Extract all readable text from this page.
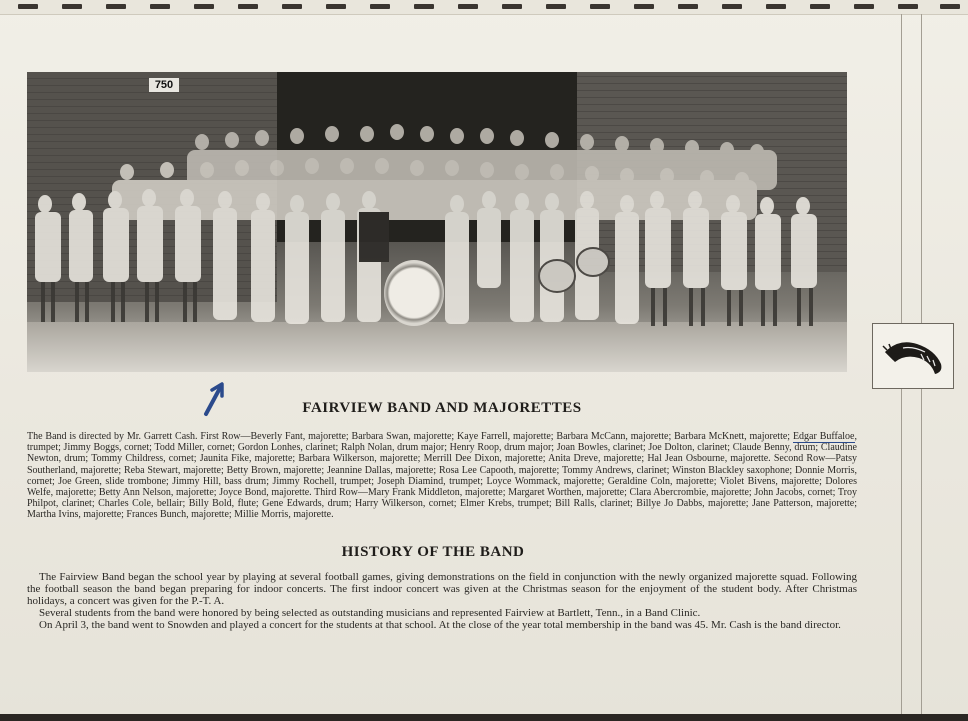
750
FAIRVIEW BAND AND MAJORETTES
The Band is directed by Mr. Garrett Cash. First Row—Beverly Fant, majorette; Barbara Swan, majorette; Kaye Farrell, majorette; Barbara McCann, majorette; Barbara McKnett, majorette; Edgar Buffaloe, trumpet; Jimmy Boggs, cornet; Todd Miller, cornet; Gordon Lonhes, clarinet; Ralph Nolan, drum major; Henry Roop, drum major; Joan Bowles, clarinet; Joe Dolton, clarinet; Claude Benny, drum; Claudine Newton, drum; Tommy Childress, cornet; Jaunita Fike, majorette; Barbara Wilkerson, majorette; Merrill Dee Dixon, majorette; Anita Dreve, majorette; Hal Jean Osbourne, majorette. Second Row—Patsy Southerland, majorette; Reba Stewart, majorette; Betty Brown, majorette; Jeannine Dallas, majorette; Rosa Lee Capooth, majorette; Tommy Andrews, clarinet; Winston Blackley saxophone; Donnie Morris, cornet; Joe Green, slide trombone; Jimmy Hill, bass drum; Jimmy Rochell, trumpet; Joseph Diamind, trumpet; Loyce Wommack, majorette; Geraldine Coln, majorette; Violet Bivens, majorette; Dolores Welfe, majorette; Betty Ann Nelson, majorette; Joyce Bond, majorette. Third Row—Mary Frank Middleton, majorette; Margaret Worthen, majorette; Clara Abercrombie, majorette; John Jacobs, cornet; Troy Philpot, clarinet; Charles Cole, bellair; Billy Bold, flute; Gene Edwards, drum; Harry Wilkerson, cornet; Elmer Krebs, trumpet; Bill Ralls, clarinet; Billye Jo Dabbs, majorette; Jane Patterson, majorette; Martha Ivins, majorette; Frances Bunch, majorette; Millie Morris, majorette.
HISTORY OF THE BAND

The Fairview Band began the school year by playing at several football games, giving demonstrations on the field in conjunction with the newly organized majorette squad. Following the football season the band began preparing for indoor concerts. The first indoor concert was given at the Christmas season for the enjoyment of the student body. After Christmas holidays, a concert was given for the P.-T. A.

Several students from the band were honored by being selected as outstanding musicians and represented Fairview at Bartlett, Tenn., in a Band Clinic.

On April 3, the band went to Snowden and played a concert for the students at that school. At the close of the year total membership in the band was 45. Mr. Cash is the band director.
